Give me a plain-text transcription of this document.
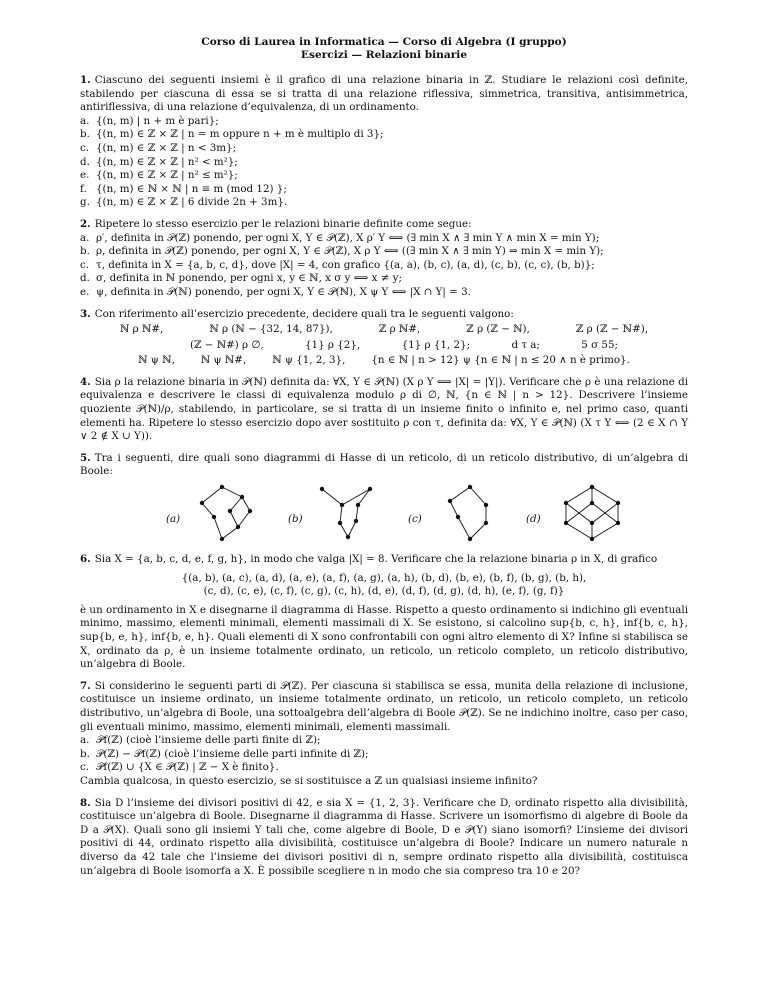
Corso di Laurea in Informatica — Corso di Algebra (I gruppo)
Esercizi — Relazioni binarie

1. Ciascuno dei seguenti insiemi è il grafico di una relazione binaria in ℤ. Studiare le relazioni così definite, stabilendo per ciascuna di essa se si tratta di una relazione riflessiva, simmetrica, transitiva, antisimmetrica, antiriflessiva, di una relazione d’equivalenza, di un ordinamento.

a. {(n, m) | n + m è pari};
b. {(n, m) ∈ ℤ × ℤ | n = m oppure n + m è multiplo di 3};
c. {(n, m) ∈ ℤ × ℤ | n < 3m};
d. {(n, m) ∈ ℤ × ℤ | n² < m²};
e. {(n, m) ∈ ℤ × ℤ | n² ≤ m²};
f. {(n, m) ∈ ℕ × ℕ | n ≡ m (mod 12) };
g. {(n, m) ∈ ℤ × ℤ | 6 divide 2n + 3m}.

2. Ripetere lo stesso esercizio per le relazioni binarie definite come segue:

a. ρ′, definita in 𝒫(ℤ) ponendo, per ogni X, Y ∈ 𝒫(ℤ), X ρ′ Y ⟺ (∃ min X ∧ ∃ min Y ∧ min X = min Y);
b. ρ, definita in 𝒫(ℤ) ponendo, per ogni X, Y ∈ 𝒫(ℤ), X ρ Y ⟺ ((∃ min X ∧ ∃ min Y) ⇒ min X = min Y);
c. τ, definita in X = {a, b, c, d}, dove |X| = 4, con grafico {(a, a), (b, c), (a, d), (c, b), (c, c), (b, b)};
d. σ, definita in ℕ ponendo, per ogni x, y ∈ ℕ, x σ y ⟺ x ≠ y;
e. ψ, definita in 𝒫(ℕ) ponendo, per ogni X, Y ∈ 𝒫(ℕ), X ψ Y ⟺ |X ∩ Y| = 3.

3. Con riferimento all’esercizio precedente, decidere quali tra le seguenti valgono:

ℕ ρ ℕ#,	ℕ ρ (ℕ − {32, 14, 87}),	ℤ ρ ℕ#,	ℤ ρ (ℤ − ℕ),	ℤ ρ (ℤ − ℕ#),
(ℤ − ℕ#) ρ ∅,	{1} ρ {2},	{1} ρ {1, 2};	d τ a;	5 σ 55;
ℕ ψ ℕ,	ℕ ψ ℕ#,	ℕ ψ {1, 2, 3},	{n ∈ ℕ | n > 12} ψ {n ∈ ℕ | n ≤ 20 ∧ n è primo}.

4. Sia ρ la relazione binaria in 𝒫(ℕ) definita da: ∀X, Y ∈ 𝒫(ℕ) (X ρ Y ⟺ |X| = |Y|). Verificare che ρ è una relazione di equivalenza e descrivere le classi di equivalenza modulo ρ di ∅, ℕ, {n ∈ ℕ | n > 12}. Descrivere l’insieme quoziente 𝒫(ℕ)/ρ, stabilendo, in particolare, se si tratta di un insieme finito o infinito e, nel primo caso, quanti elementi ha. Ripetere lo stesso esercizio dopo aver sostituito ρ con τ, definita da: ∀X, Y ∈ 𝒫(ℕ) (X τ Y ⟺ (2 ∈ X ∩ Y ∨ 2 ∉ X ∪ Y)).

5. Tra i seguenti, dire quali sono diagrammi di Hasse di un reticolo, di un reticolo distributivo, di un’algebra di Boole:

(a)	(b)	(c)	(d)

6. Sia X = {a, b, c, d, e, f, g, h}, in modo che valga |X| = 8. Verificare che la relazione binaria ρ in X, di grafico

{(a, b), (a, c), (a, d), (a, e), (a, f), (a, g), (a, h), (b, d), (b, e), (b, f), (b, g), (b, h),
(c, d), (c, e), (c, f), (c, g), (c, h), (d, e), (d, f), (d, g), (d, h), (e, f), (g, f)}

è un ordinamento in X e disegnarne il diagramma di Hasse. Rispetto a questo ordinamento si indichino gli eventuali minimo, massimo, elementi minimali, elementi massimali di X. Se esistono, si calcolino sup{b, c, h}, inf{b, c, h}, sup{b, e, h}, inf{b, e, h}. Quali elementi di X sono confrontabili con ogni altro elemento di X? Infine si stabilisca se X, ordinato da ρ, è un insieme totalmente ordinato, un reticolo, un reticolo completo, un reticolo distributivo, un’algebra di Boole.

7. Si considerino le seguenti parti di 𝒫(ℤ). Per ciascuna si stabilisca se essa, munita della relazione di inclusione, costituisce un insieme ordinato, un insieme totalmente ordinato, un reticolo, un reticolo completo, un reticolo distributivo, un’algebra di Boole, una sottoalgebra dell’algebra di Boole 𝒫(ℤ). Se ne indichino inoltre, caso per caso, gli eventuali minimo, massimo, elementi minimali, elementi massimali.

a. 𝒫f(ℤ) (cioè l’insieme delle parti finite di ℤ);
b. 𝒫(ℤ) − 𝒫f(ℤ) (cioè l’insieme delle parti infinite di ℤ);
c. 𝒫f(ℤ) ∪ {X ∈ 𝒫(ℤ) | ℤ − X è finito}.

Cambia qualcosa, in questo esercizio, se si sostituisce a ℤ un qualsiasi insieme infinito?

8. Sia D l’insieme dei divisori positivi di 42, e sia X = {1, 2, 3}. Verificare che D, ordinato rispetto alla divisibilità, costituisce un’algebra di Boole. Disegnarne il diagramma di Hasse. Scrivere un isomorfismo di algebre di Boole da D a 𝒫(X). Quali sono gli insiemi Y tali che, come algebre di Boole, D e 𝒫(Y) siano isomorfi? L’insieme dei divisori positivi di 44, ordinato rispetto alla divisibilità, costituisce un’algebra di Boole? Indicare un numero naturale n diverso da 42 tale che l’insieme dei divisori positivi di n, sempre ordinato rispetto alla divisibilità, costituisca un’algebra di Boole isomorfa a X. È possibile scegliere n in modo che sia compreso tra 10 e 20?
